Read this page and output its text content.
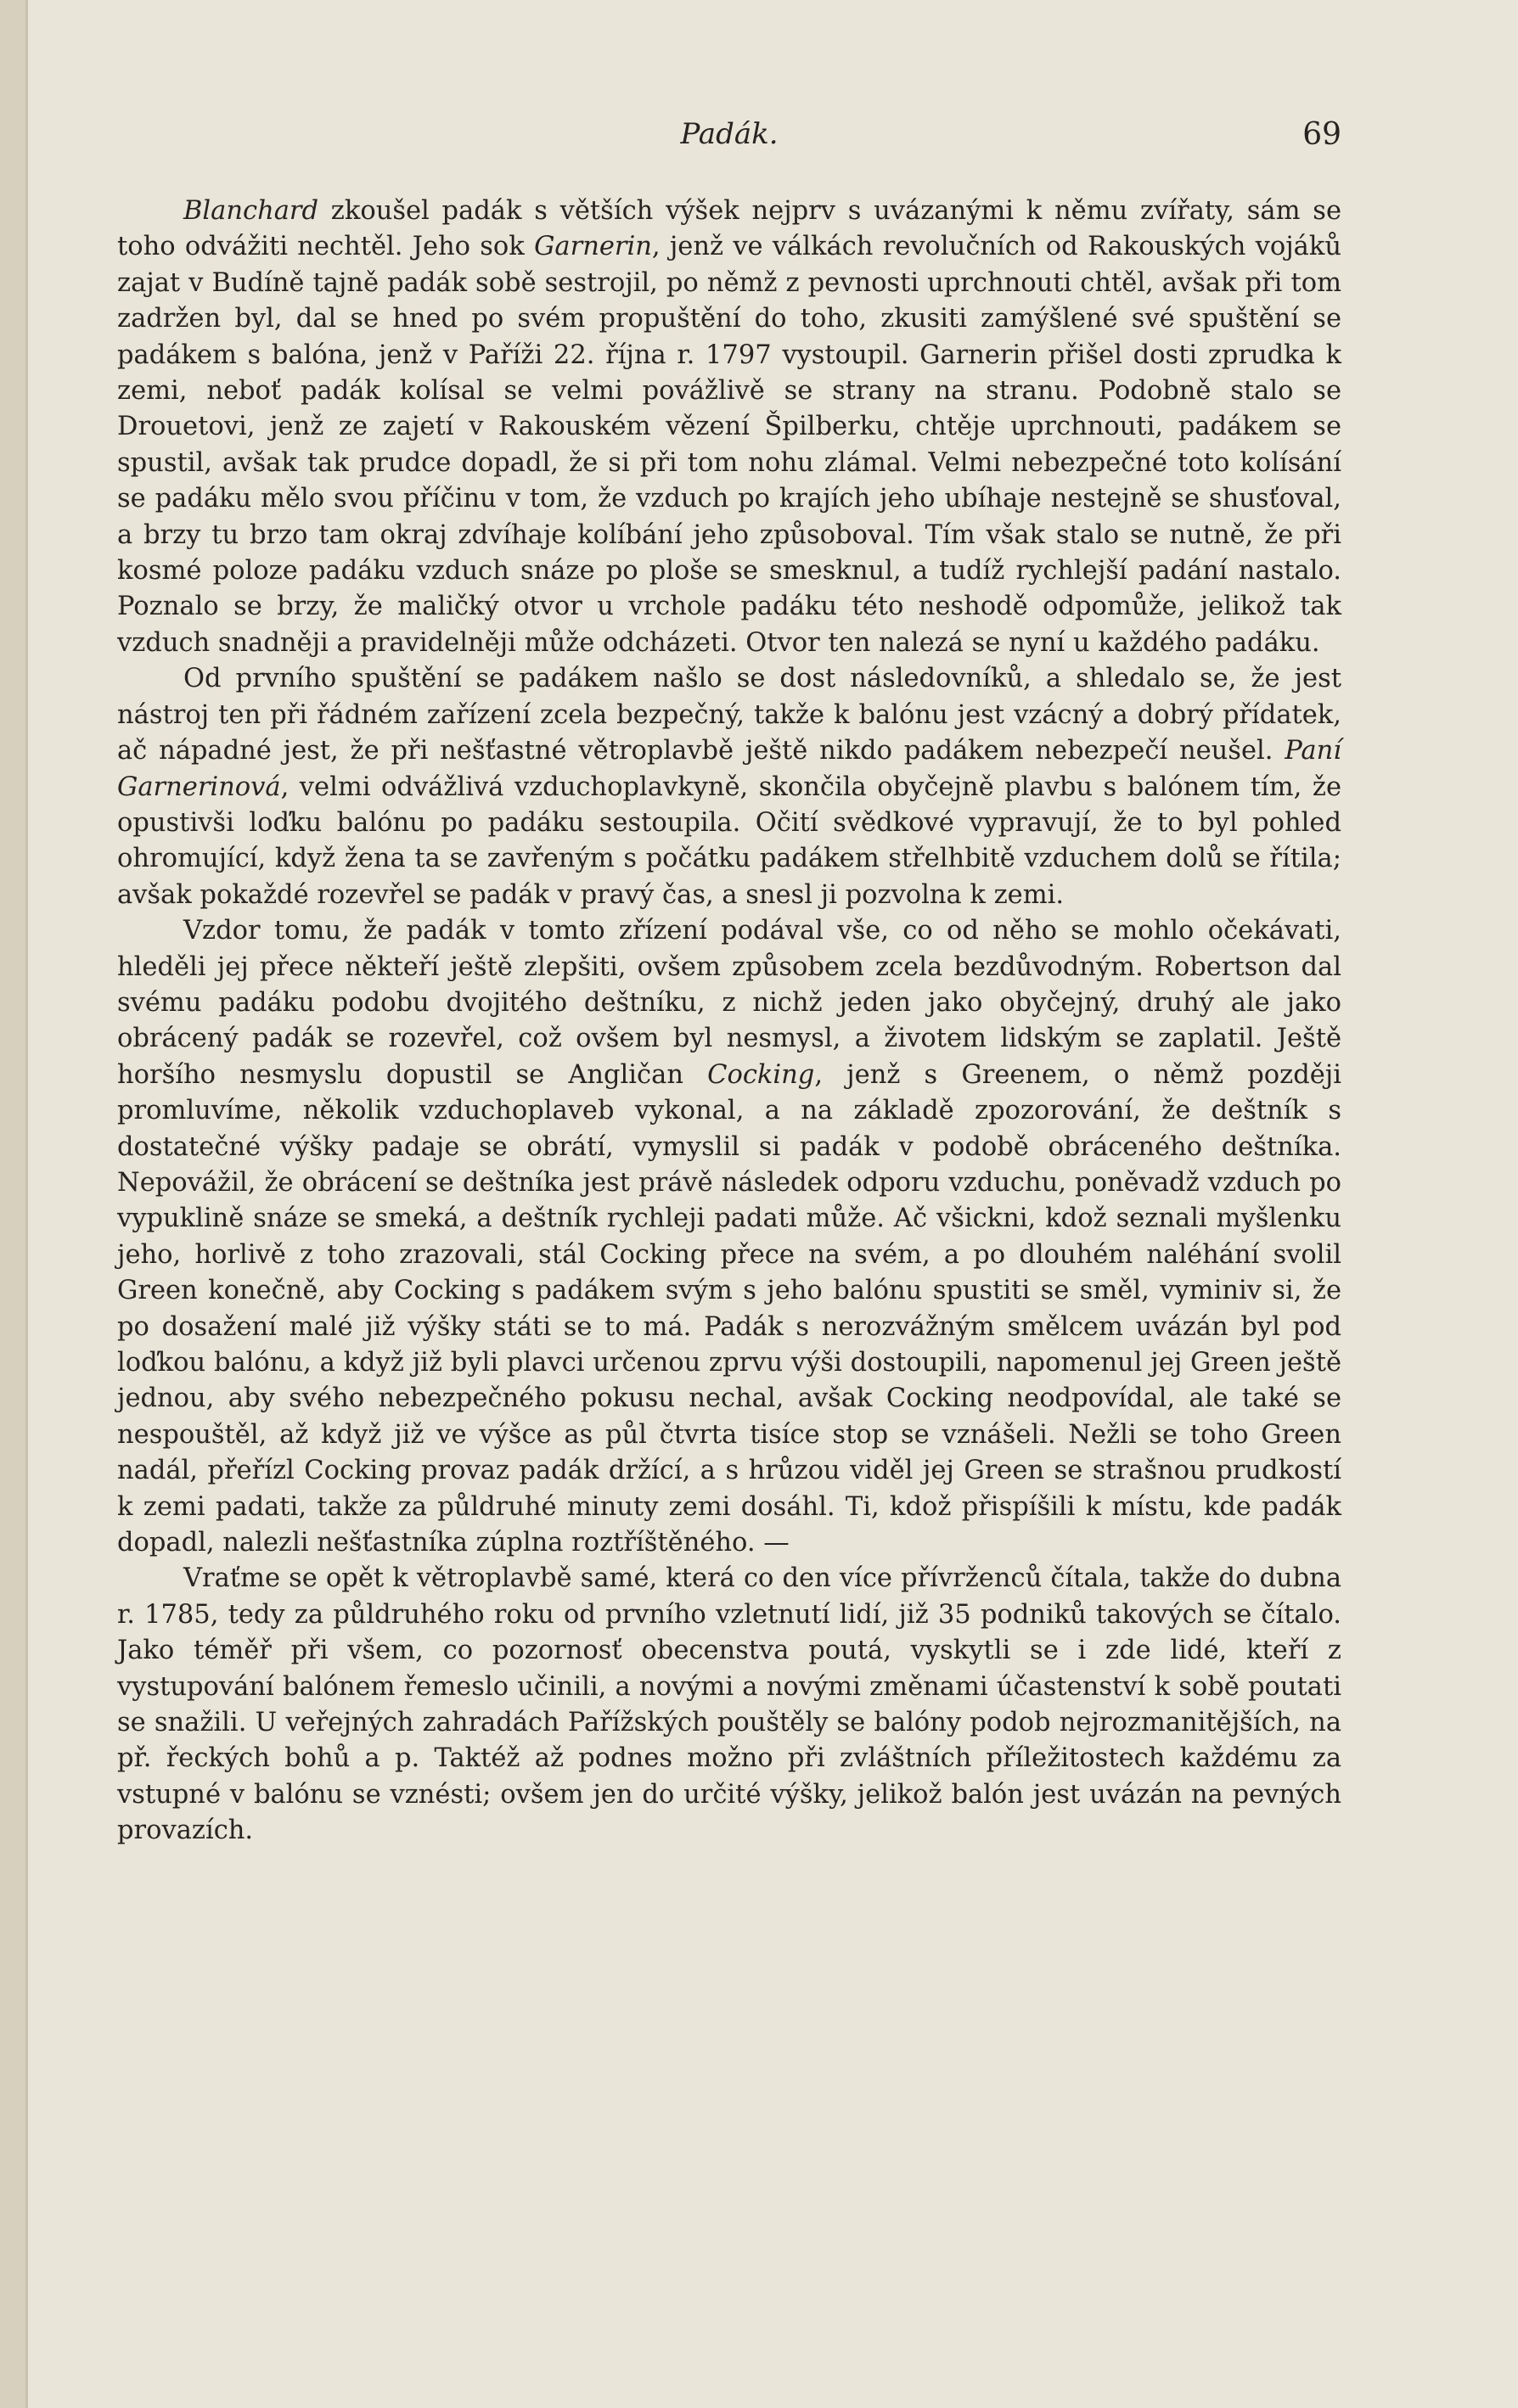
Padák.	69

Blanchard zkoušel padák s větších výšek nejprv s uvázanými k němu zvířaty, sám se toho odvážiti nechtěl. Jeho sok Garnerin, jenž ve válkách revolučních od Rakouských vojáků zajat v Budíně tajně padák sobě sestrojil, po němž z pevnosti uprchnouti chtěl, avšak při tom zadržen byl, dal se hned po svém propuštění do toho, zkusiti zamýšlené své spuštění se padákem s balóna, jenž v Paříži 22. října r. 1797 vystoupil. Garnerin přišel dosti zprudka k zemi, neboť padák kolísal se velmi povážlivě se strany na stranu. Podobně stalo se Drouetovi, jenž ze zajetí v Rakouském vězení Špilberku, chtěje uprchnouti, padákem se spustil, avšak tak prudce dopadl, že si při tom nohu zlámal. Velmi nebezpečné toto kolísání se padáku mělo svou příčinu v tom, že vzduch po krajích jeho ubíhaje nestejně se shusťoval, a brzy tu brzo tam okraj zdvíhaje kolíbání jeho způsoboval. Tím však stalo se nutně, že při kosmé poloze padáku vzduch snáze po ploše se smesknul, a tudíž rychlejší padání nastalo. Poznalo se brzy, že maličký otvor u vrchole padáku této neshodě odpomůže, jelikož tak vzduch snadněji a pravidelněji může odcházeti. Otvor ten nalezá se nyní u každého padáku.

Od prvního spuštění se padákem našlo se dost následovníků, a shledalo se, že jest nástroj ten při řádném zařízení zcela bezpečný, takže k balónu jest vzácný a dobrý přídatek, ač nápadné jest, že při nešťastné větroplavbě ještě nikdo padákem nebezpečí neušel. Paní Garnerinová, velmi odvážlivá vzduchoplavkyně, skončila obyčejně plavbu s balónem tím, že opustivši loďku balónu po padáku sestoupila. Očití svědkové vypravují, že to byl pohled ohromující, když žena ta se zavřeným s počátku padákem střelhbitě vzduchem dolů se řítila; avšak pokaždé rozevřel se padák v pravý čas, a snesl ji pozvolna k zemi.

Vzdor tomu, že padák v tomto zřízení podával vše, co od něho se mohlo očekávati, hleděli jej přece někteří ještě zlepšiti, ovšem způsobem zcela bezdůvodným. Robertson dal svému padáku podobu dvojitého deštníku, z nichž jeden jako obyčejný, druhý ale jako obrácený padák se rozevřel, což ovšem byl nesmysl, a životem lidským se zaplatil. Ještě horšího nesmyslu dopustil se Angličan Cocking, jenž s Greenem, o němž později promluvíme, několik vzduchoplaveb vykonal, a na základě zpozorování, že deštník s dostatečné výšky padaje se obrátí, vymyslil si padák v podobě obráceného deštníka. Nepovážil, že obrácení se deštníka jest právě následek odporu vzduchu, poněvadž vzduch po vypuklině snáze se smeká, a deštník rychleji padati může. Ač všickni, kdož seznali myšlenku jeho, horlivě z toho zrazovali, stál Cocking přece na svém, a po dlouhém naléhání svolil Green konečně, aby Cocking s padákem svým s jeho balónu spustiti se směl, vyminiv si, že po dosažení malé již výšky státi se to má. Padák s nerozvážným smělcem uvázán byl pod loďkou balónu, a když již byli plavci určenou zprvu výši dostoupili, napomenul jej Green ještě jednou, aby svého nebezpečného pokusu nechal, avšak Cocking neodpovídal, ale také se nespouštěl, až když již ve výšce as půl čtvrta tisíce stop se vznášeli. Nežli se toho Green nadál, přeřízl Cocking provaz padák držící, a s hrůzou viděl jej Green se strašnou prudkostí k zemi padati, takže za půldruhé minuty zemi dosáhl. Ti, kdož přispíšili k místu, kde padák dopadl, nalezli nešťastníka zúplna roztříštěného. —

Vraťme se opět k větroplavbě samé, která co den více přívrženců čítala, takže do dubna r. 1785, tedy za půldruhého roku od prvního vzletnutí lidí, již 35 podniků takových se čítalo. Jako téměř při všem, co pozornosť obecenstva poutá, vyskytli se i zde lidé, kteří z vystupování balónem řemeslo učinili, a novými a novými změnami účastenství k sobě poutati se snažili. U veřejných zahradách Pařížských pouštěly se balóny podob nejrozmanitějších, na př. řeckých bohů a p. Taktéž až podnes možno při zvláštních příležitostech každému za vstupné v balónu se vznésti; ovšem jen do určité výšky, jelikož balón jest uvázán na pevných provazích.
